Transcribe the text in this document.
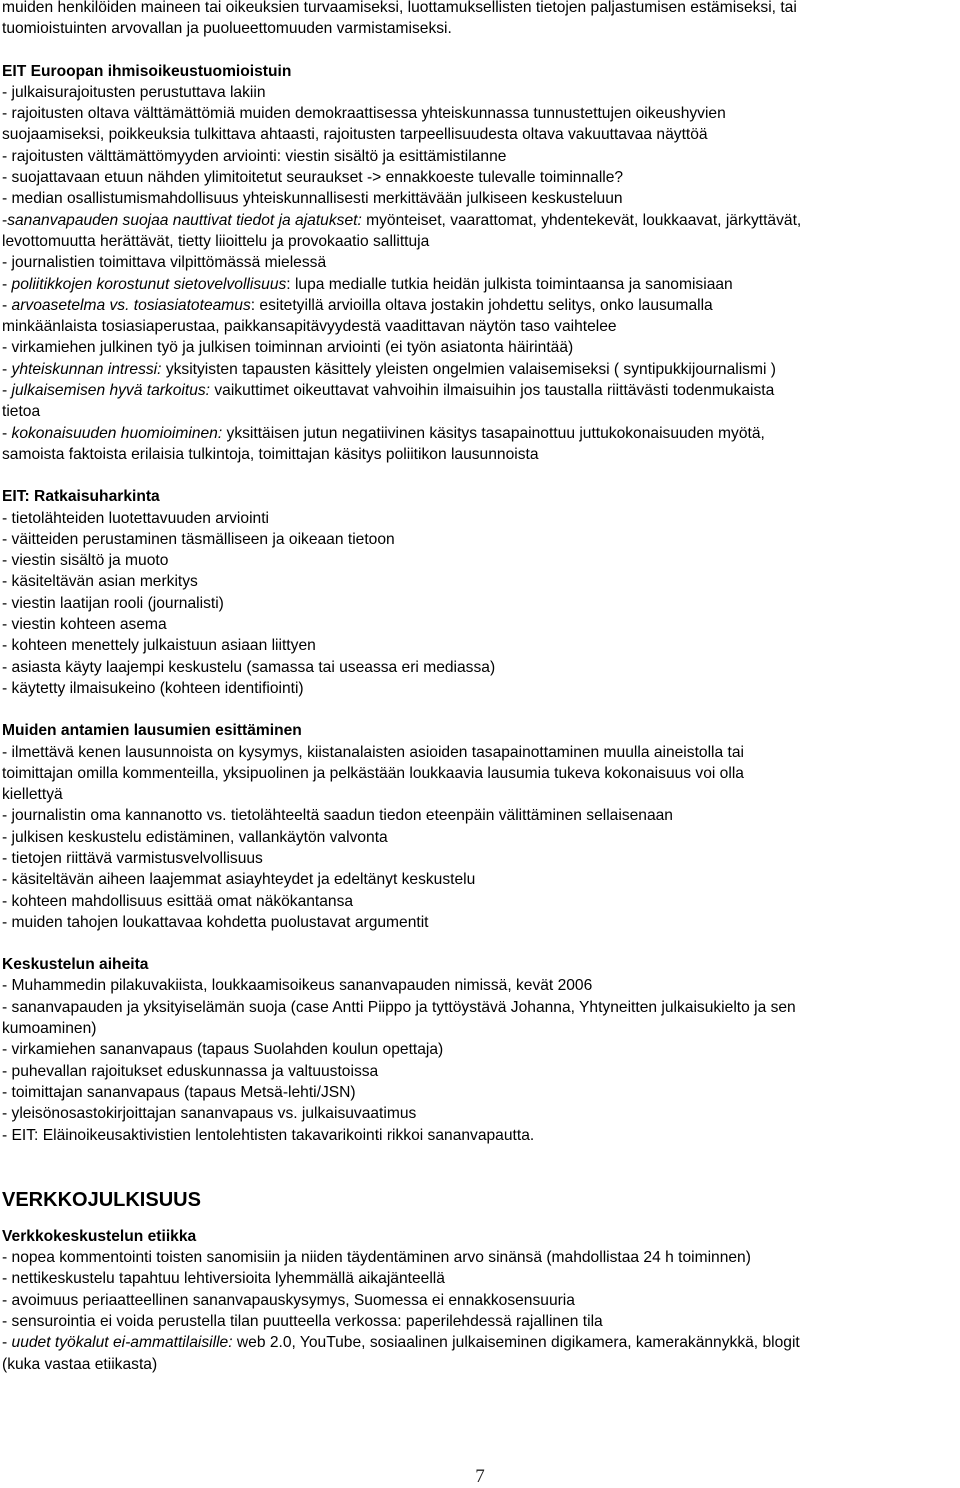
muiden henkilöiden maineen tai oikeuksien turvaamiseksi, luottamuksellisten tietojen paljastumisen estämiseksi, tai

tuomioistuinten arvovallan ja puolueettomuuden varmistamiseksi.

EIT Euroopan ihmisoikeustuomioistuin

- julkaisurajoitusten perustuttava lakiin

- rajoitusten oltava välttämättömiä muiden demokraattisessa yhteiskunnassa tunnustettujen oikeushyvien

suojaamiseksi, poikkeuksia tulkittava ahtaasti, rajoitusten tarpeellisuudesta oltava vakuuttavaa näyttöä

- rajoitusten välttämättömyyden arviointi: viestin sisältö ja esittämistilanne

- suojattavaan etuun nähden ylimitoitetut seuraukset -> ennakkoeste tulevalle toiminnalle?

- median osallistumismahdollisuus yhteiskunnallisesti merkittävään julkiseen keskusteluun

-sananvapauden suojaa nauttivat tiedot ja ajatukset: myönteiset, vaarattomat, yhdentekevät, loukkaavat, järkyttävät,

levottomuutta herättävät, tietty liioittelu ja provokaatio sallittuja

- journalistien toimittava vilpittömässä mielessä

- poliitikkojen korostunut sietovelvollisuus: lupa medialle tutkia heidän julkista toimintaansa ja sanomisiaan

- arvoasetelma vs. tosiasiatoteamus: esitetyillä arvioilla oltava jostakin johdettu selitys, onko lausumalla

minkäänlaista tosiasiaperustaa, paikkansapitävyydestä vaadittavan näytön taso vaihtelee

- virkamiehen julkinen työ ja julkisen toiminnan arviointi (ei työn asiatonta häirintää)

- yhteiskunnan intressi: yksityisten tapausten käsittely yleisten ongelmien valaisemiseksi ( syntipukkijournalismi )

- julkaisemisen hyvä tarkoitus: vaikuttimet oikeuttavat vahvoihin ilmaisuihin jos taustalla riittävästi todenmukaista

tietoa

- kokonaisuuden huomioiminen: yksittäisen jutun negatiivinen käsitys tasapainottuu juttukokonaisuuden myötä,

samoista faktoista erilaisia tulkintoja, toimittajan käsitys poliitikon lausunnoista

EIT: Ratkaisuharkinta

- tietolähteiden luotettavuuden arviointi

- väitteiden perustaminen täsmälliseen ja oikeaan tietoon

- viestin sisältö ja muoto

- käsiteltävän asian merkitys

- viestin laatijan rooli (journalisti)

- viestin kohteen asema

- kohteen menettely julkaistuun asiaan liittyen

- asiasta käyty laajempi keskustelu (samassa tai useassa eri mediassa)

- käytetty ilmaisukeino (kohteen identifiointi)

Muiden antamien lausumien esittäminen

- ilmettävä kenen lausunnoista on kysymys, kiistanalaisten asioiden tasapainottaminen muulla aineistolla tai

toimittajan omilla kommenteilla, yksipuolinen ja pelkästään loukkaavia lausumia tukeva kokonaisuus voi olla

kiellettyä

- journalistin oma kannanotto vs. tietolähteeltä saadun tiedon eteenpäin välittäminen sellaisenaan

- julkisen keskustelu edistäminen, vallankäytön valvonta

- tietojen riittävä varmistusvelvollisuus

- käsiteltävän aiheen laajemmat asiayhteydet ja edeltänyt keskustelu

- kohteen mahdollisuus esittää omat näkökantansa

- muiden tahojen loukattavaa kohdetta puolustavat argumentit

Keskustelun aiheita

- Muhammedin pilakuvakiista, loukkaamisoikeus sananvapauden nimissä, kevät 2006

- sananvapauden ja yksityiselämän suoja (case Antti Piippo ja tyttöystävä Johanna, Yhtyneitten julkaisukielto ja sen

kumoaminen)

- virkamiehen sananvapaus (tapaus Suolahden koulun opettaja)

- puhevallan rajoitukset eduskunnassa ja valtuustoissa

- toimittajan sananvapaus (tapaus Metsä-lehti/JSN)

- yleisönosastokirjoittajan sananvapaus vs. julkaisuvaatimus

- EIT: Eläinoikeusaktivistien lentolehtisten takavarikointi rikkoi sananvapautta.

VERKKOJULKISUUS

Verkkokeskustelun etiikka

- nopea kommentointi toisten sanomisiin ja niiden täydentäminen arvo sinänsä (mahdollistaa 24 h toiminnen)

- nettikeskustelu tapahtuu lehtiversioita lyhemmällä aikajänteellä

- avoimuus periaatteellinen sananvapauskysymys, Suomessa ei ennakkosensuuria

- sensurointia ei voida perustella tilan puutteella verkossa: paperilehdessä rajallinen tila

- uudet työkalut ei-ammattilaisille: web 2.0, YouTube, sosiaalinen julkaiseminen digikamera, kamerakännykkä, blogit

(kuka vastaa etiikasta)

7
